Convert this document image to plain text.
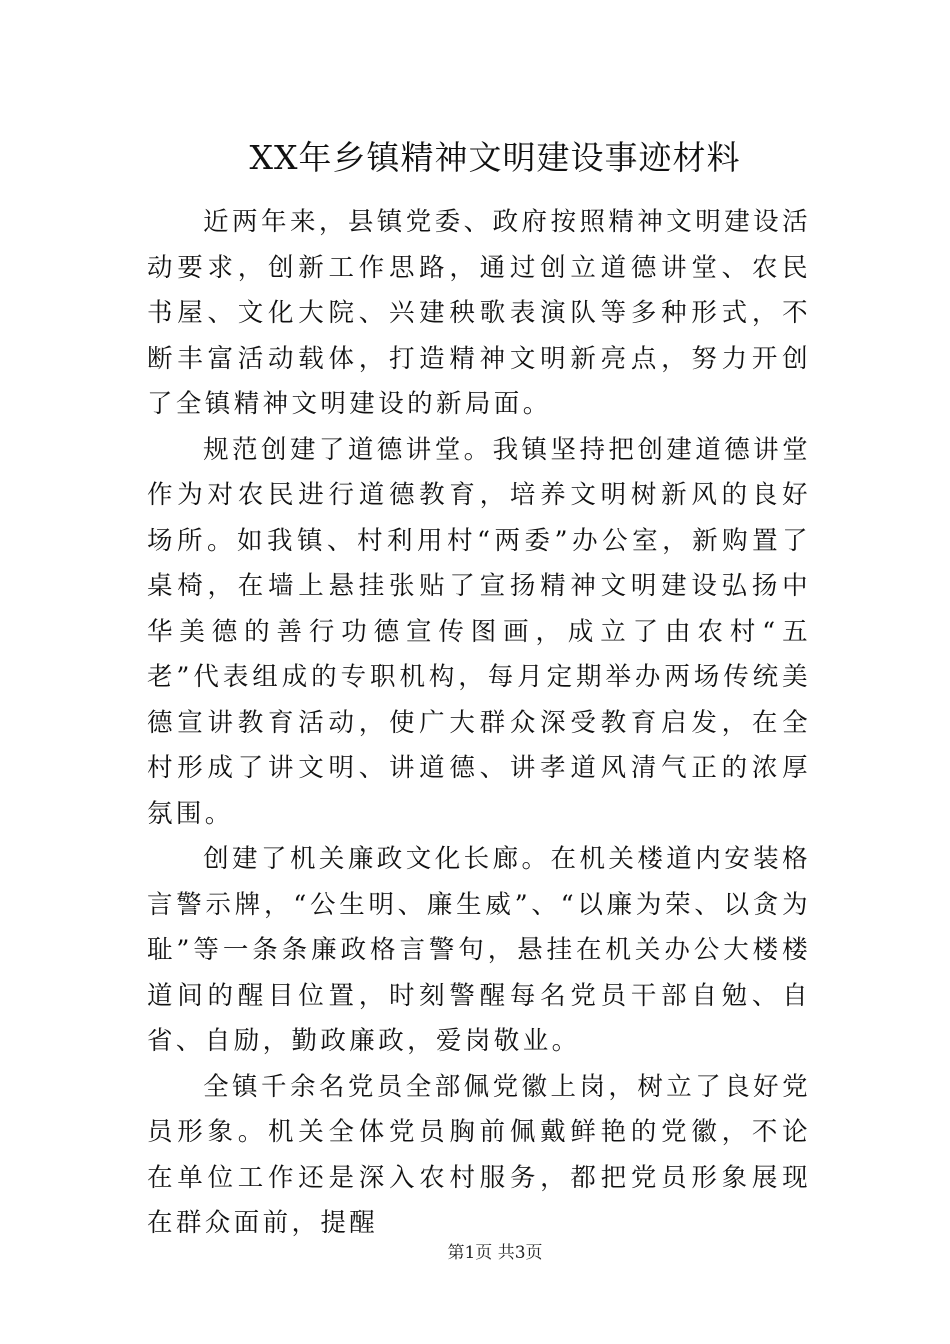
XX年乡镇精神文明建设事迹材料

近两年来，县镇党委、政府按照精神文明建设活动要求，创新工作思路，通过创立道德讲堂、农民书屋、文化大院、兴建秧歌表演队等多种形式，不断丰富活动载体，打造精神文明新亮点，努力开创了全镇精神文明建设的新局面。

规范创建了道德讲堂。我镇坚持把创建道德讲堂作为对农民进行道德教育，培养文明树新风的良好场所。如我镇、村利用村“两委”办公室，新购置了桌椅，在墙上悬挂张贴了宣扬精神文明建设弘扬中华美德的善行功德宣传图画，成立了由农村“五老”代表组成的专职机构，每月定期举办两场传统美德宣讲教育活动，使广大群众深受教育启发，在全村形成了讲文明、讲道德、讲孝道风清气正的浓厚氛围。

创建了机关廉政文化长廊。在机关楼道内安装格言警示牌，“公生明、廉生威”、“以廉为荣、以贪为耻”等一条条廉政格言警句，悬挂在机关办公大楼楼道间的醒目位置，时刻警醒每名党员干部自勉、自省、自励，勤政廉政，爱岗敬业。

全镇千余名党员全部佩党徽上岗，树立了良好党员形象。机关全体党员胸前佩戴鲜艳的党徽，不论在单位工作还是深入农村服务，都把党员形象展现在群众面前，提醒

第1页 共3页
